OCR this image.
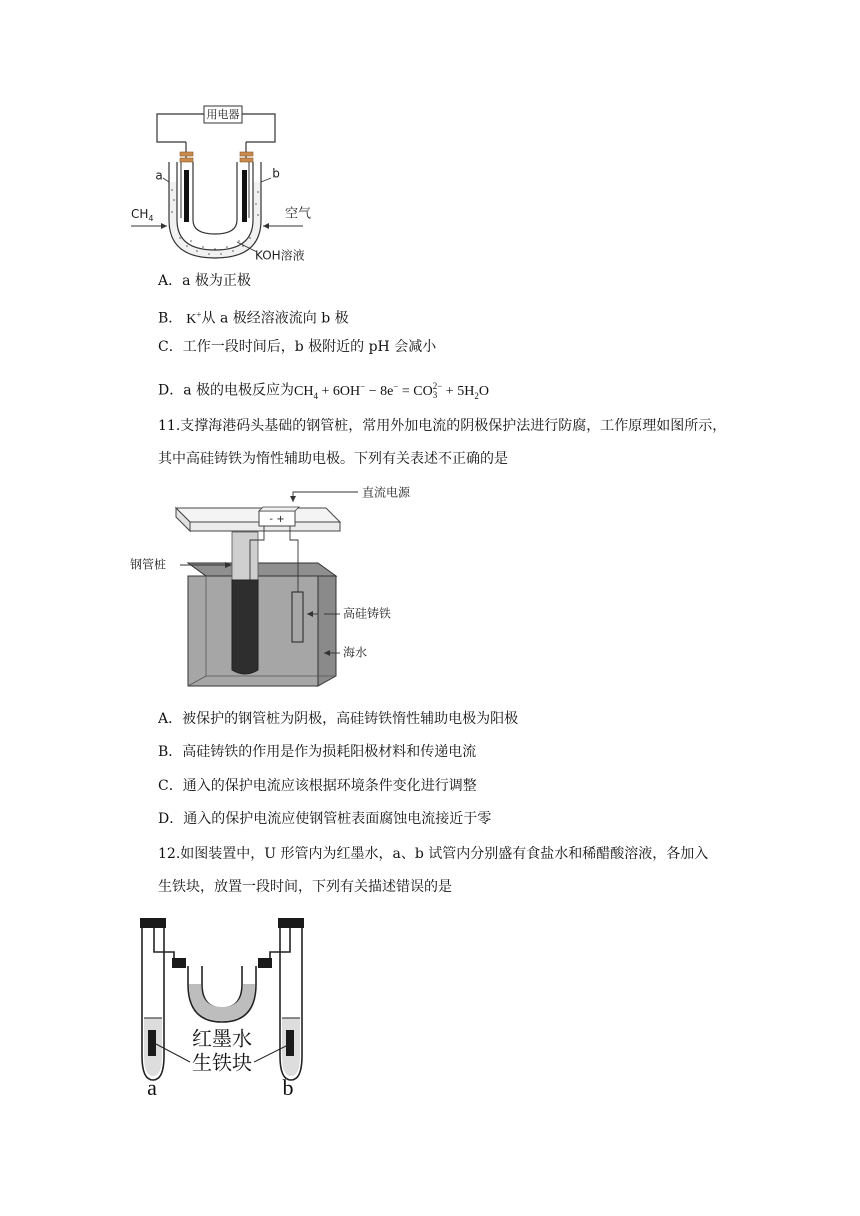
用电器
a	b
$CH_4$	空气
KOH溶液
A．a 极为正极
B． K+从 a 极经溶液流向 b 极
C．工作一段时间后，b 极附近的 pH 会减小
D．a 极的电极反应为$CH_4 + 6OH^- - 8e^-$ = CO 2−
$3 + 5H_2O$
11.支撑海港码头基础的钢管桩，常用外加电流的阴极保护法进行防腐，工作原理如图所示，
其中高硅铸铁为惰性辅助电极。下列有关表述不正确的是
- +
直流电源
高硅铸铁
海水
钢管桩
A．被保护的钢管桩为阴极，高硅铸铁惰性辅助电极为阳极
B．高硅铸铁的作用是作为损耗阳极材料和传递电流
C．通入的保护电流应该根据环境条件变化进行调整
D．通入的保护电流应使钢管桩表面腐蚀电流接近于零
12.如图装置中，U 形管内为红墨水，a、b 试管内分别盛有食盐水和稀醋酸溶液，各加入
生铁块，放置一段时间，下列有关描述错误的是
红墨水
生铁块
a	b
